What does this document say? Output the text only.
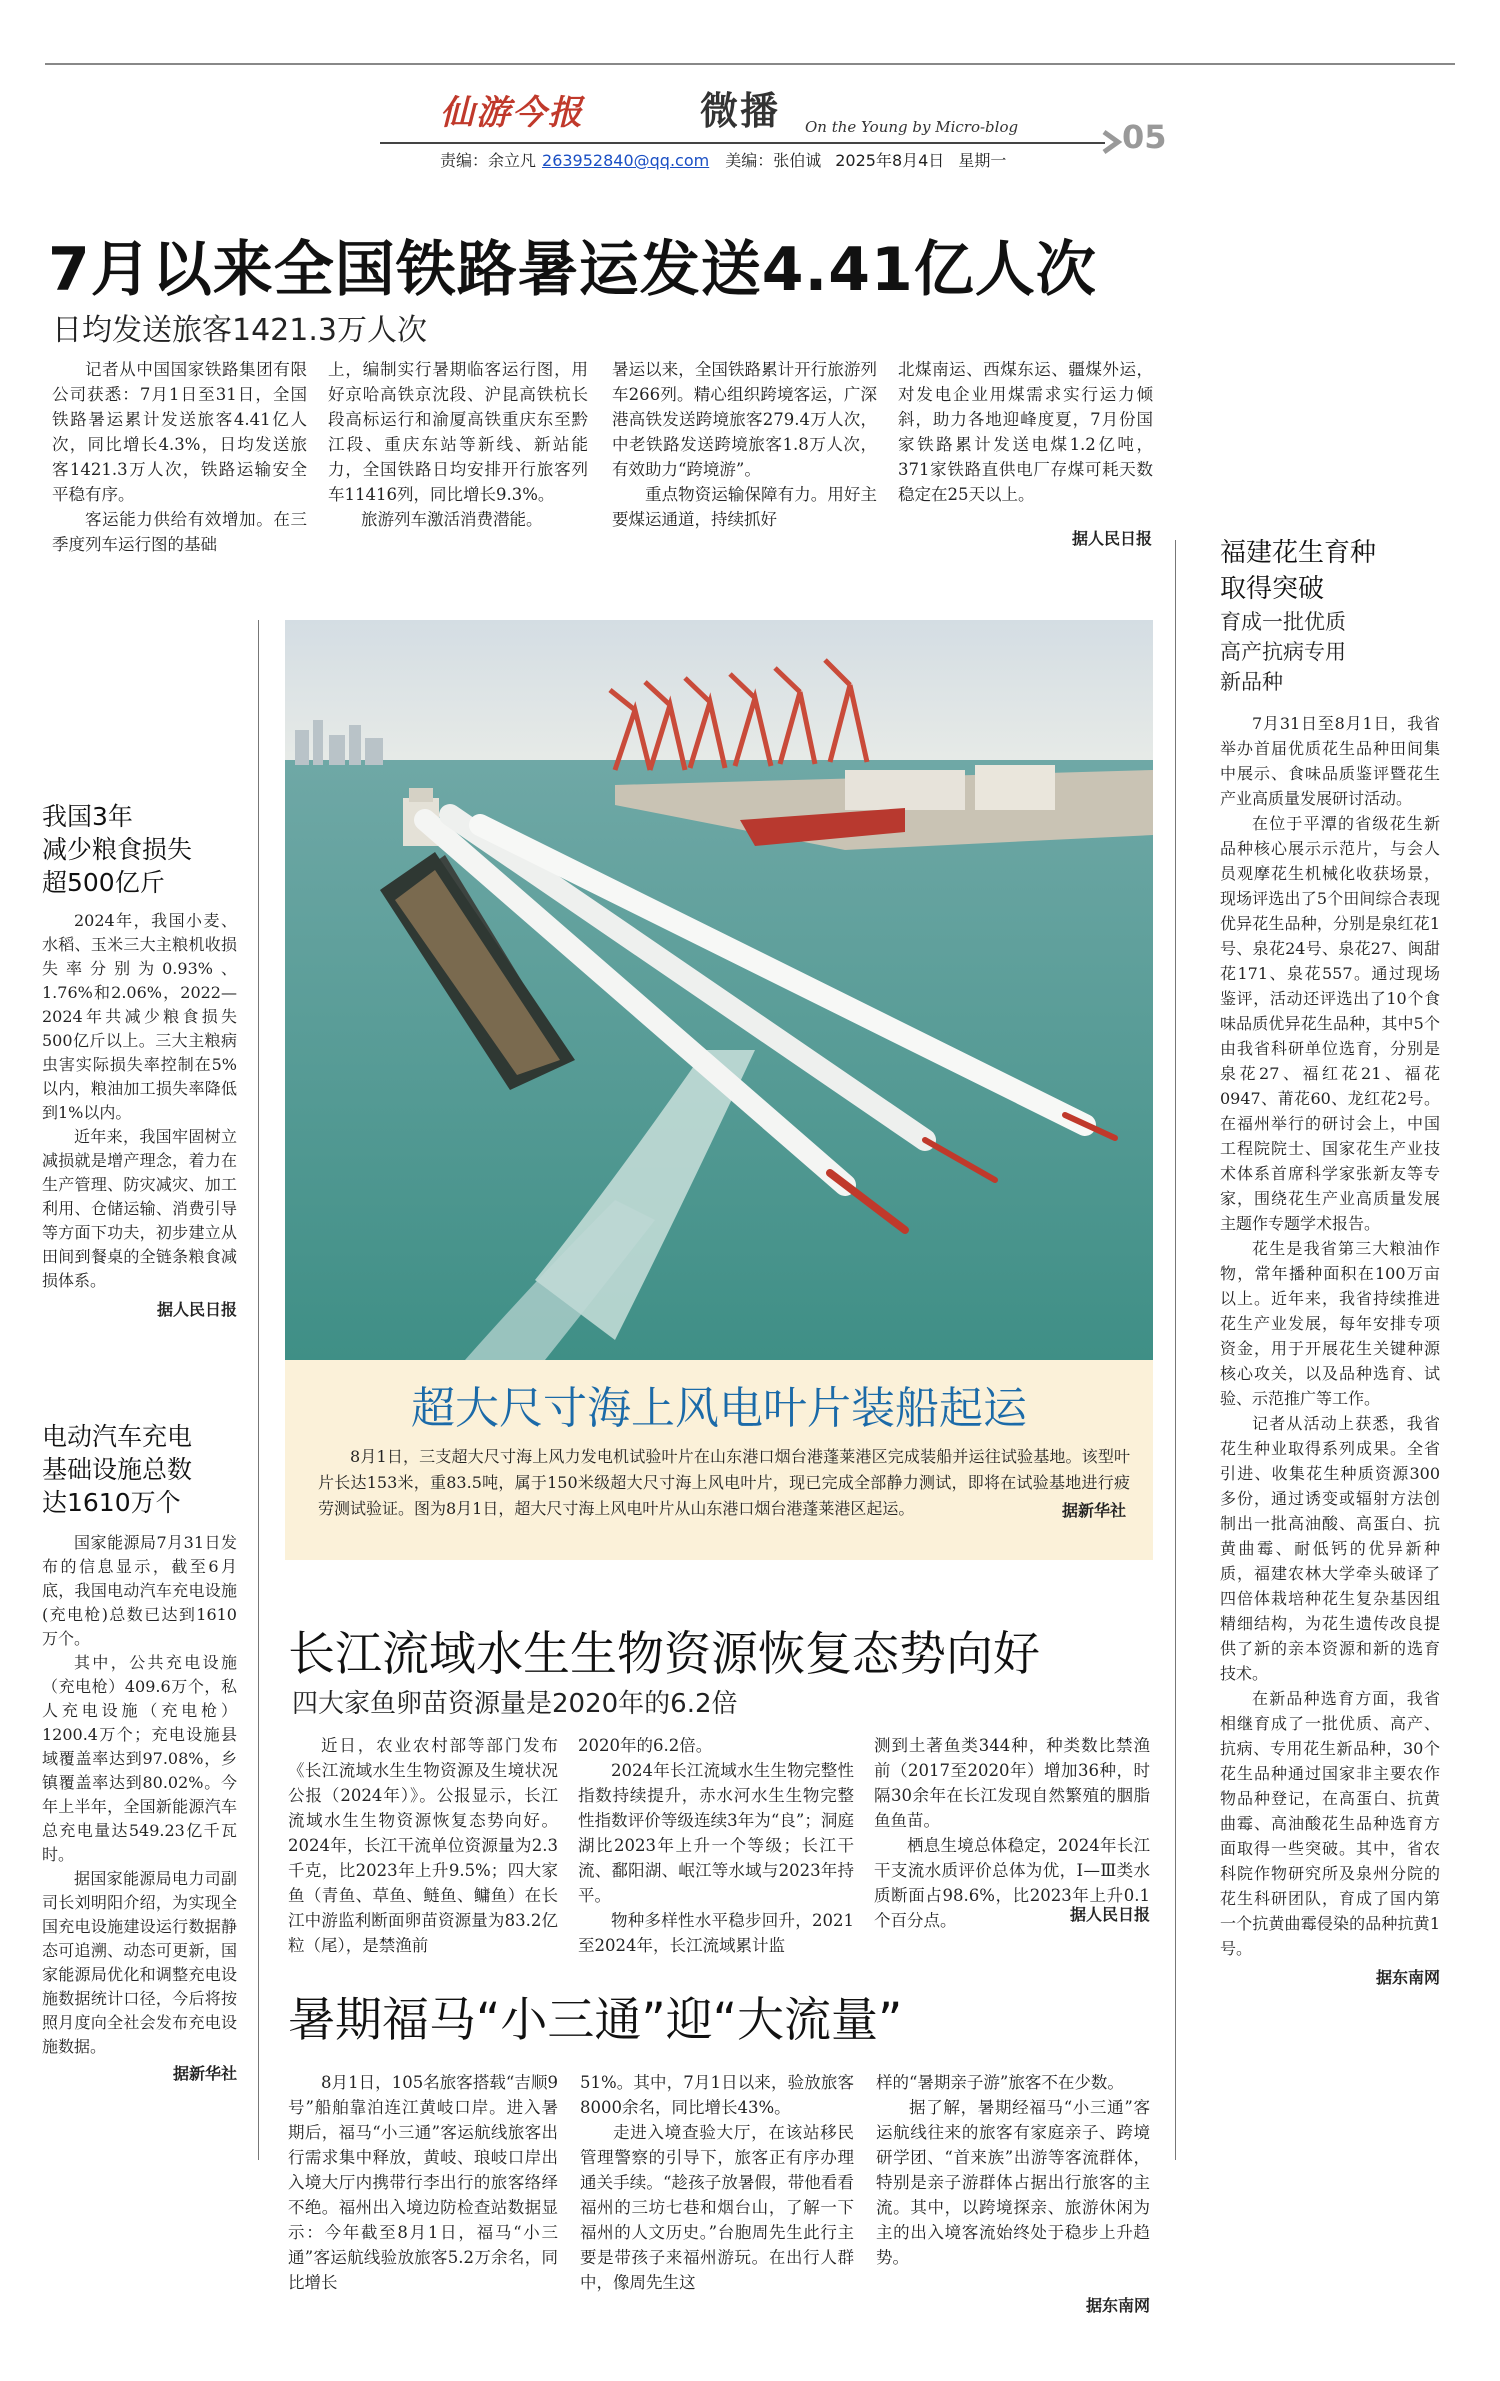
仙游今报	微播 On the Young by Micro-blog	05
责编：余立凡 263952840@qq.com 美编：张伯诚 2025年8月4日 星期一
7月以来全国铁路暑运发送4.41亿人次
日均发送旅客1421.3万人次

记者从中国国家铁路集团有限公司获悉：7月1日至31日，全国铁路暑运累计发送旅客4.41亿人次，同比增长4.3%，日均发送旅客1421.3万人次，铁路运输安全平稳有序。

客运能力供给有效增加。在三季度列车运行图的基础

上，编制实行暑期临客运行图，用好京哈高铁京沈段、沪昆高铁杭长段高标运行和渝厦高铁重庆东至黔江段、重庆东站等新线、新站能力，全国铁路日均安排开行旅客列车11416列，同比增长9.3%。

旅游列车激活消费潜能。

暑运以来，全国铁路累计开行旅游列车266列。精心组织跨境客运，广深港高铁发送跨境旅客279.4万人次，中老铁路发送跨境旅客1.8万人次，有效助力“跨境游”。

重点物资运输保障有力。用好主要煤运通道，持续抓好

北煤南运、西煤东运、疆煤外运，对发电企业用煤需求实行运力倾斜，助力各地迎峰度夏，7月份国家铁路累计发送电煤1.2亿吨，371家铁路直供电厂存煤可耗天数稳定在25天以上。

据人民日报
我国3年
减少粮食损失
超500亿斤

2024年，我国小麦、水稻、玉米三大主粮机收损失率分别为0.93%、1.76%和2.06%，2022—2024年共减少粮食损失500亿斤以上。三大主粮病虫害实际损失率控制在5%以内，粮油加工损失率降低到1%以内。

近年来，我国牢固树立减损就是增产理念，着力在生产管理、防灾减灾、加工利用、仓储运输、消费引导等方面下功夫，初步建立从田间到餐桌的全链条粮食减损体系。

据人民日报
电动汽车充电
基础设施总数
达1610万个

国家能源局7月31日发布的信息显示，截至6月底，我国电动汽车充电设施(充电枪)总数已达到1610万个。

其中，公共充电设施（充电枪）409.6万个，私人充电设施（充电枪）1200.4万个；充电设施县域覆盖率达到97.08%，乡镇覆盖率达到80.02%。今年上半年，全国新能源汽车总充电量达549.23亿千瓦时。

据国家能源局电力司副司长刘明阳介绍，为实现全国充电设施建设运行数据静态可追溯、动态可更新，国家能源局优化和调整充电设施数据统计口径，今后将按照月度向全社会发布充电设施数据。

据新华社
超大尺寸海上风电叶片装船起运

8月1日，三支超大尺寸海上风力发电机试验叶片在山东港口烟台港蓬莱港区完成装船并运往试验基地。该型叶片长达153米，重83.5吨，属于150米级超大尺寸海上风电叶片，现已完成全部静力测试，即将在试验基地进行疲劳测试验证。图为8月1日，超大尺寸海上风电叶片从山东港口烟台港蓬莱港区起运。	据新华社
福建花生育种
取得突破
育成一批优质
高产抗病专用
新品种

7月31日至8月1日，我省举办首届优质花生品种田间集中展示、食味品质鉴评暨花生产业高质量发展研讨活动。

在位于平潭的省级花生新品种核心展示示范片，与会人员观摩花生机械化收获场景，现场评选出了5个田间综合表现优异花生品种，分别是泉红花1号、泉花24号、泉花27、闽甜花171、泉花557。通过现场鉴评，活动还评选出了10个食味品质优异花生品种，其中5个由我省科研单位选育，分别是泉花27、福红花21、福花0947、莆花60、龙红花2号。在福州举行的研讨会上，中国工程院院士、国家花生产业技术体系首席科学家张新友等专家，围绕花生产业高质量发展主题作专题学术报告。

花生是我省第三大粮油作物，常年播种面积在100万亩以上。近年来，我省持续推进花生产业发展，每年安排专项资金，用于开展花生关键种源核心攻关，以及品种选育、试验、示范推广等工作。

记者从活动上获悉，我省花生种业取得系列成果。全省引进、收集花生种质资源300多份，通过诱变或辐射方法创制出一批高油酸、高蛋白、抗黄曲霉、耐低钙的优异新种质，福建农林大学牵头破译了四倍体栽培种花生复杂基因组精细结构，为花生遗传改良提供了新的亲本资源和新的选育技术。

在新品种选育方面，我省相继育成了一批优质、高产、抗病、专用花生新品种，30个花生品种通过国家非主要农作物品种登记，在高蛋白、抗黄曲霉、高油酸花生品种选育方面取得一些突破。其中，省农科院作物研究所及泉州分院的花生科研团队，育成了国内第一个抗黄曲霉侵染的品种抗黄1号。

据东南网
长江流域水生生物资源恢复态势向好
四大家鱼卵苗资源量是2020年的6.2倍

近日，农业农村部等部门发布《长江流域水生生物资源及生境状况公报（2024年）》。公报显示，长江流域水生生物资源恢复态势向好。2024年，长江干流单位资源量为2.3千克，比2023年上升9.5%；四大家鱼（青鱼、草鱼、鲢鱼、鳙鱼）在长江中游监利断面卵苗资源量为83.2亿粒（尾），是禁渔前

2020年的6.2倍。

2024年长江流域水生生物完整性指数持续提升，赤水河水生生物完整性指数评价等级连续3年为“良”；洞庭湖比2023年上升一个等级；长江干流、鄱阳湖、岷江等水域与2023年持平。

物种多样性水平稳步回升，2021至2024年，长江流域累计监

测到土著鱼类344种，种类数比禁渔前（2017至2020年）增加36种，时隔30余年在长江发现自然繁殖的胭脂鱼鱼苗。

栖息生境总体稳定，2024年长江干支流水质评价总体为优，Ⅰ—Ⅲ类水质断面占98.6%，比2023年上升0.1个百分点。	据人民日报
暑期福马“小三通”迎“大流量”

8月1日，105名旅客搭载“吉顺9号”船舶靠泊连江黄岐口岸。进入暑期后，福马“小三通”客运航线旅客出行需求集中释放，黄岐、琅岐口岸出入境大厅内携带行李出行的旅客络绎不绝。福州出入境边防检查站数据显示：今年截至8月1日，福马“小三通”客运航线验放旅客5.2万余名，同比增长

51%。其中，7月1日以来，验放旅客8000余名，同比增长43%。

走进入境查验大厅，在该站移民管理警察的引导下，旅客正有序办理通关手续。“趁孩子放暑假，带他看看福州的三坊七巷和烟台山，了解一下福州的人文历史。”台胞周先生此行主要是带孩子来福州游玩。在出行人群中，像周先生这

样的“暑期亲子游”旅客不在少数。

据了解，暑期经福马“小三通”客运航线往来的旅客有家庭亲子、跨境研学团、“首来族”出游等客流群体，特别是亲子游群体占据出行旅客的主流。其中，以跨境探亲、旅游休闲为主的出入境客流始终处于稳步上升趋势。

据东南网
